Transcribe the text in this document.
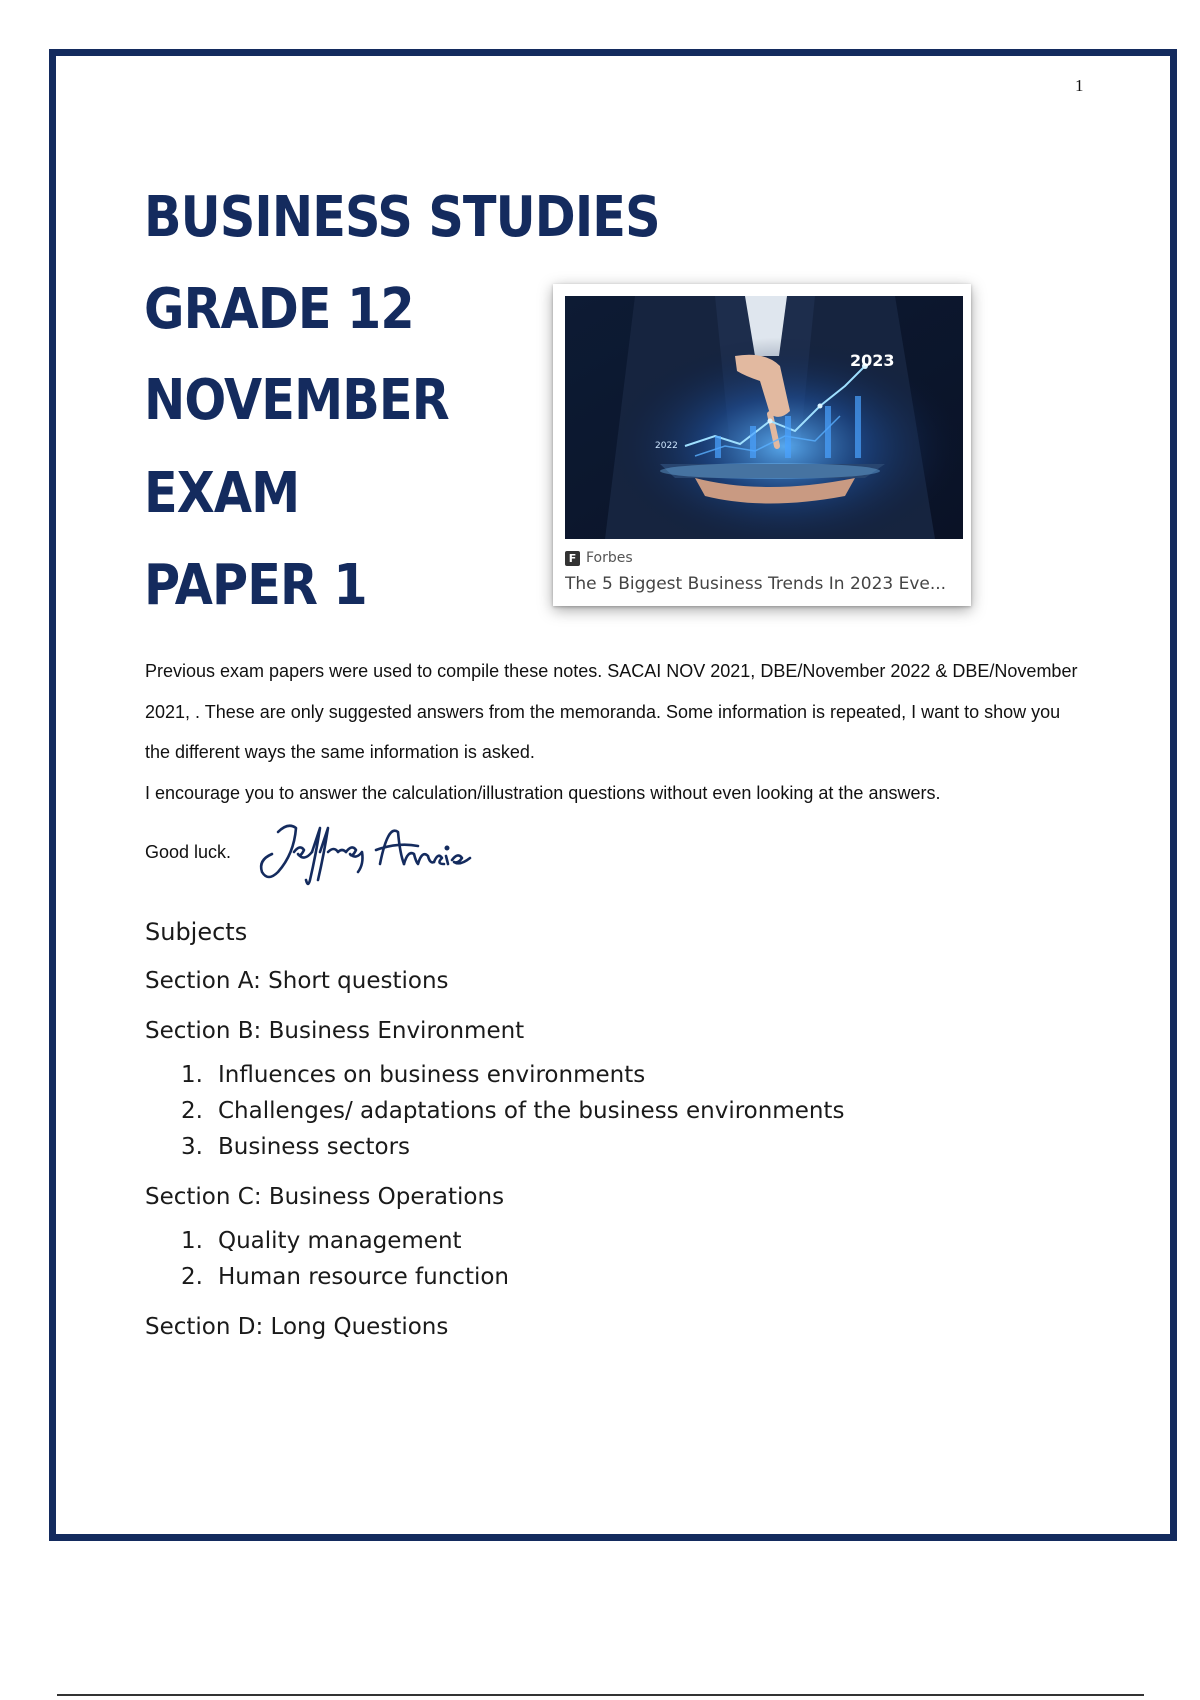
1
BUSINESS STUDIES
GRADE 12
NOVEMBER
EXAM
PAPER 1
2023
2022
F Forbes
The 5 Biggest Business Trends In 2023 Eve...

Previous exam papers were used to compile these notes. SACAI NOV 2021, DBE/November 2022 & DBE/November 2021, . These are only suggested answers from the memoranda. Some information is repeated, I want to show you the different ways the same information is asked.

I encourage you to answer the calculation/illustration questions without even looking at the answers.

Good luck.
Subjects
Section A: Short questions
Section B: Business Environment
1. Influences on business environments
2. Challenges/ adaptations of the business environments
3. Business sectors
Section C: Business Operations
1. Quality management
2. Human resource function
Section D: Long Questions
